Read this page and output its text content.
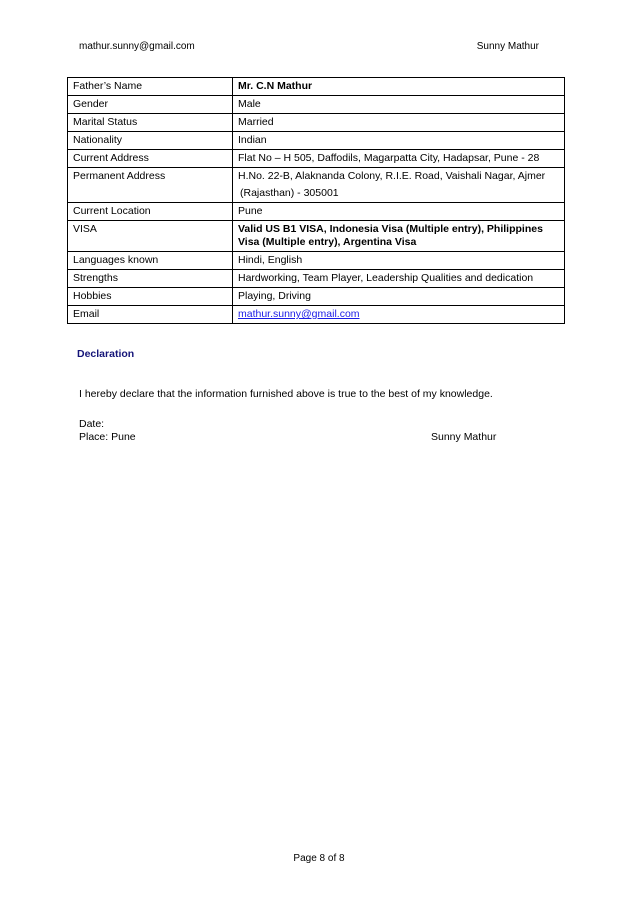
mathur.sunny@gmail.com	Sunny Mathur
Father’s Name	Mr. C.N Mathur
Gender	Male
Marital Status	Married
Nationality	Indian
Current Address	Flat No – H 505, Daffodils, Magarpatta City, Hadapsar, Pune - 28
Permanent Address	H.No. 22-B, Alaknanda Colony, R.I.E. Road, Vaishali Nagar, Ajmer
(Rajasthan) - 305001

Current Location	Pune
VISA	Valid US B1 VISA, Indonesia Visa (Multiple entry), Philippines Visa (Multiple entry), Argentina Visa
Languages known	Hindi, English
Strengths	Hardworking, Team Player, Leadership Qualities and dedication
Hobbies	Playing, Driving
Email	mathur.sunny@gmail.com
Declaration
I hereby declare that the information furnished above is true to the best of my knowledge.
Date:
Place: Pune	Sunny Mathur
Page 8 of 8
